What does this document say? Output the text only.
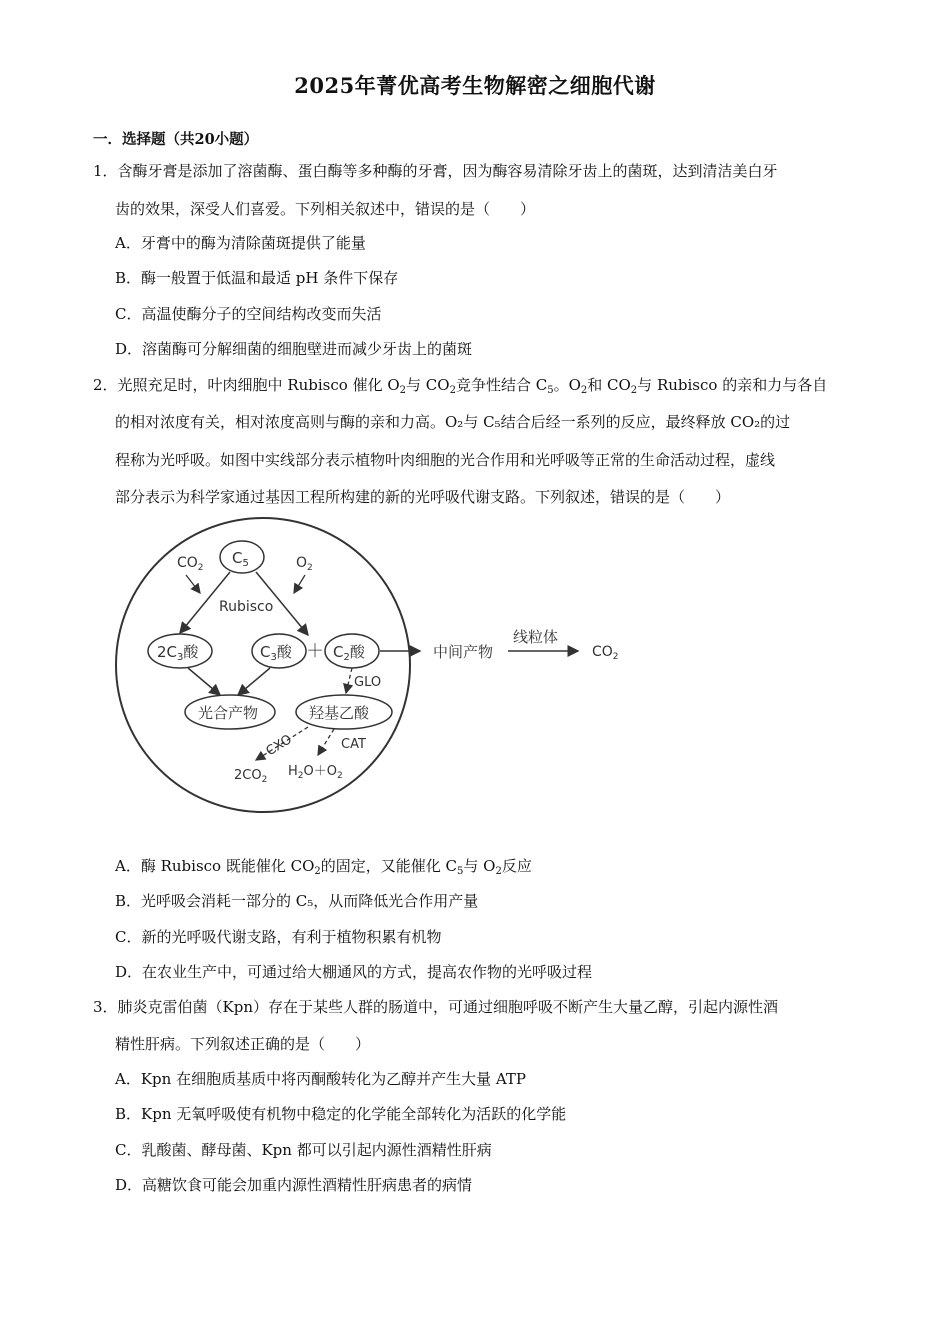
2025年菁优高考生物解密之细胞代谢
一．选择题（共20小题）
1．含酶牙膏是添加了溶菌酶、蛋白酶等多种酶的牙膏，因为酶容易清除牙齿上的菌斑，达到清洁美白牙
齿的效果，深受人们喜爱。下列相关叙述中，错误的是（　　）
A．牙膏中的酶为清除菌斑提供了能量
B．酶一般置于低温和最适 pH 条件下保存
C．高温使酶分子的空间结构改变而失活
D．溶菌酶可分解细菌的细胞壁进而减少牙齿上的菌斑
2．光照充足时，叶肉细胞中 Rubisco 催化 $O_2$与 $CO_2$竞争性结合 $C_5$。$O_2$和 $CO_2$与 Rubisco 的亲和力与各自
的相对浓度有关，相对浓度高则与酶的亲和力高。O₂与 C₅结合后经一系列的反应，最终释放 CO₂的过
程称为光呼吸。如图中实线部分表示植物叶肉细胞的光合作用和光呼吸等正常的生命活动过程，虚线
部分表示为科学家通过基因工程所构建的新的光呼吸代谢支路。下列叙述，错误的是（　　）
$C_5$
$CO_2$	$O_2$
Rubisco
$2C_3$酸	$C_3$酸 ＋ $C_2$酸	中间产物
线粒体
$CO_2$
光合产物
GLO
羟基乙酸
CXO	CAT
$2CO_2$
$H_2O+O_2$
A．酶 Rubisco 既能催化 $CO_2$的固定，又能催化 $C_5$与 $O_2$反应
B．光呼吸会消耗一部分的 C₅，从而降低光合作用产量
C．新的光呼吸代谢支路，有利于植物积累有机物
D．在农业生产中，可通过给大棚通风的方式，提高农作物的光呼吸过程
3．肺炎克雷伯菌（Kpn）存在于某些人群的肠道中，可通过细胞呼吸不断产生大量乙醇，引起内源性酒
精性肝病。下列叙述正确的是（　　）
A．Kpn 在细胞质基质中将丙酮酸转化为乙醇并产生大量 ATP
B．Kpn 无氧呼吸使有机物中稳定的化学能全部转化为活跃的化学能
C．乳酸菌、酵母菌、Kpn 都可以引起内源性酒精性肝病
D．高糖饮食可能会加重内源性酒精性肝病患者的病情
